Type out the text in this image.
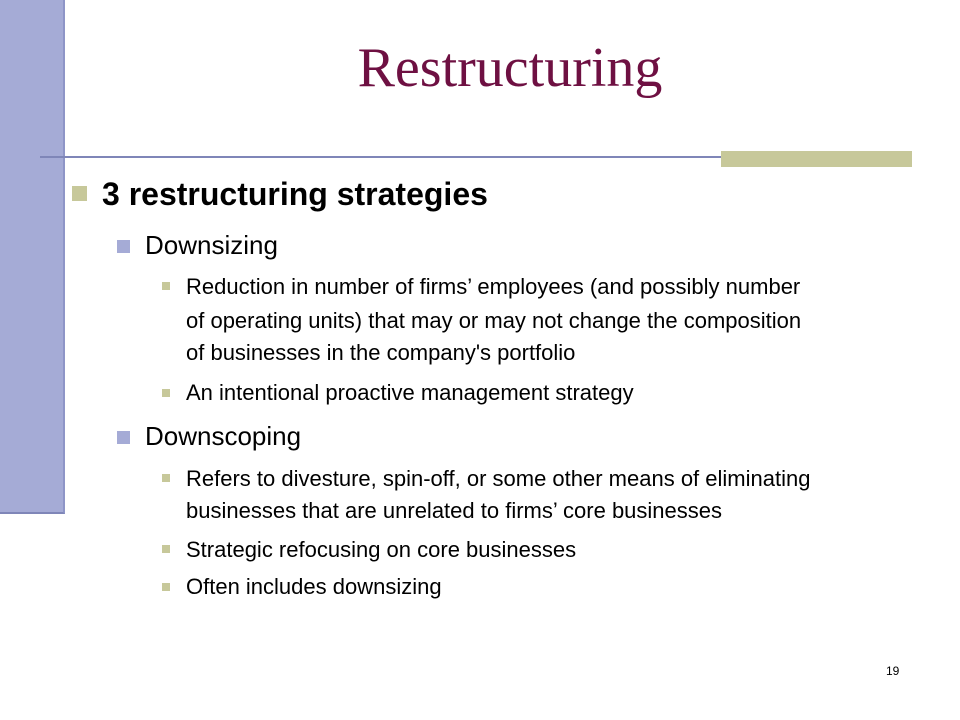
Restructuring
3 restructuring strategies
Downsizing
Reduction in number of firms’ employees (and possibly number
of operating units) that may or may not change the composition
of businesses in the company's portfolio
An intentional proactive management strategy
Downscoping
Refers to divesture, spin-off, or some other means of eliminating
businesses that are unrelated to firms’ core businesses
Strategic refocusing on core businesses
Often includes downsizing
19
